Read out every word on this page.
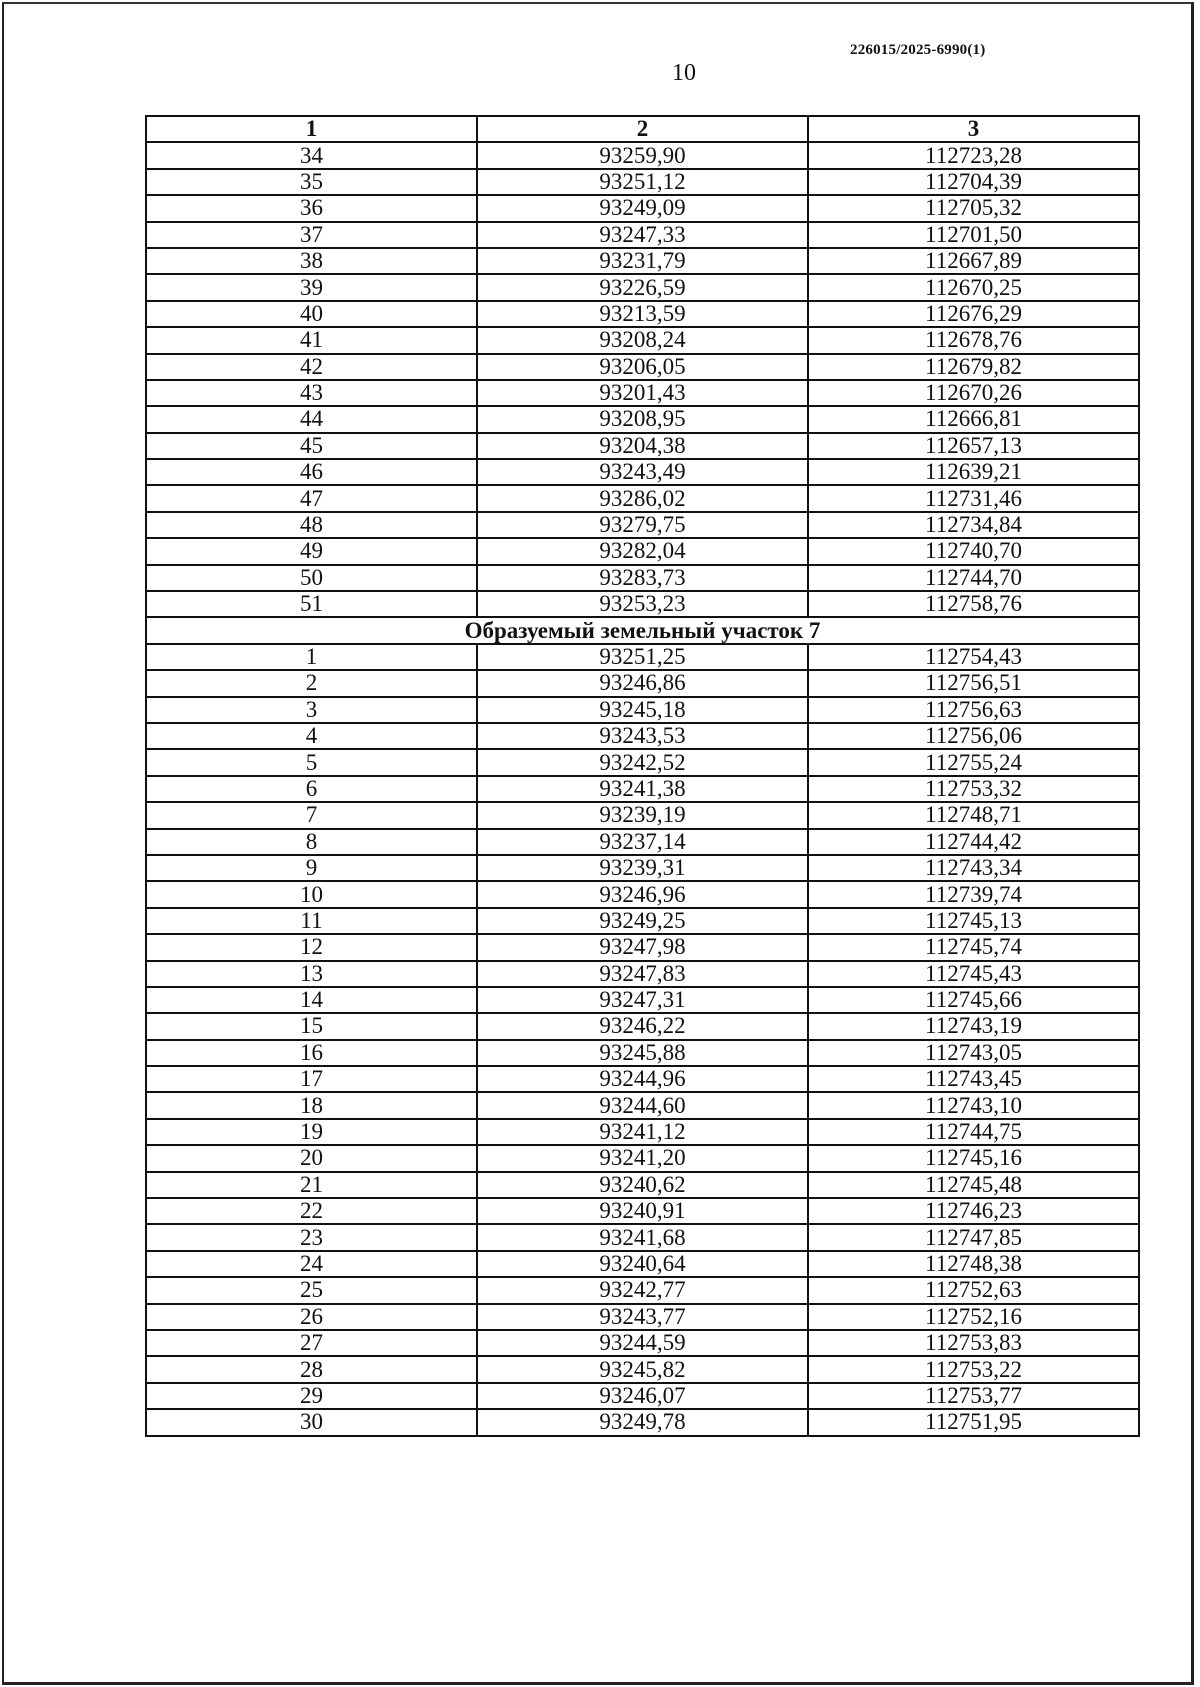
226015/2025-6990(1)
10
1	2	3
34	93259,90	112723,28
35	93251,12	112704,39
36	93249,09	112705,32
37	93247,33	112701,50
38	93231,79	112667,89
39	93226,59	112670,25
40	93213,59	112676,29
41	93208,24	112678,76
42	93206,05	112679,82
43	93201,43	112670,26
44	93208,95	112666,81
45	93204,38	112657,13
46	93243,49	112639,21
47	93286,02	112731,46
48	93279,75	112734,84
49	93282,04	112740,70
50	93283,73	112744,70
51	93253,23	112758,76
Образуемый земельный участок 7		
1	93251,25	112754,43
2	93246,86	112756,51
3	93245,18	112756,63
4	93243,53	112756,06
5	93242,52	112755,24
6	93241,38	112753,32
7	93239,19	112748,71
8	93237,14	112744,42
9	93239,31	112743,34
10	93246,96	112739,74
11	93249,25	112745,13
12	93247,98	112745,74
13	93247,83	112745,43
14	93247,31	112745,66
15	93246,22	112743,19
16	93245,88	112743,05
17	93244,96	112743,45
18	93244,60	112743,10
19	93241,12	112744,75
20	93241,20	112745,16
21	93240,62	112745,48
22	93240,91	112746,23
23	93241,68	112747,85
24	93240,64	112748,38
25	93242,77	112752,63
26	93243,77	112752,16
27	93244,59	112753,83
28	93245,82	112753,22
29	93246,07	112753,77
30	93249,78	112751,95
